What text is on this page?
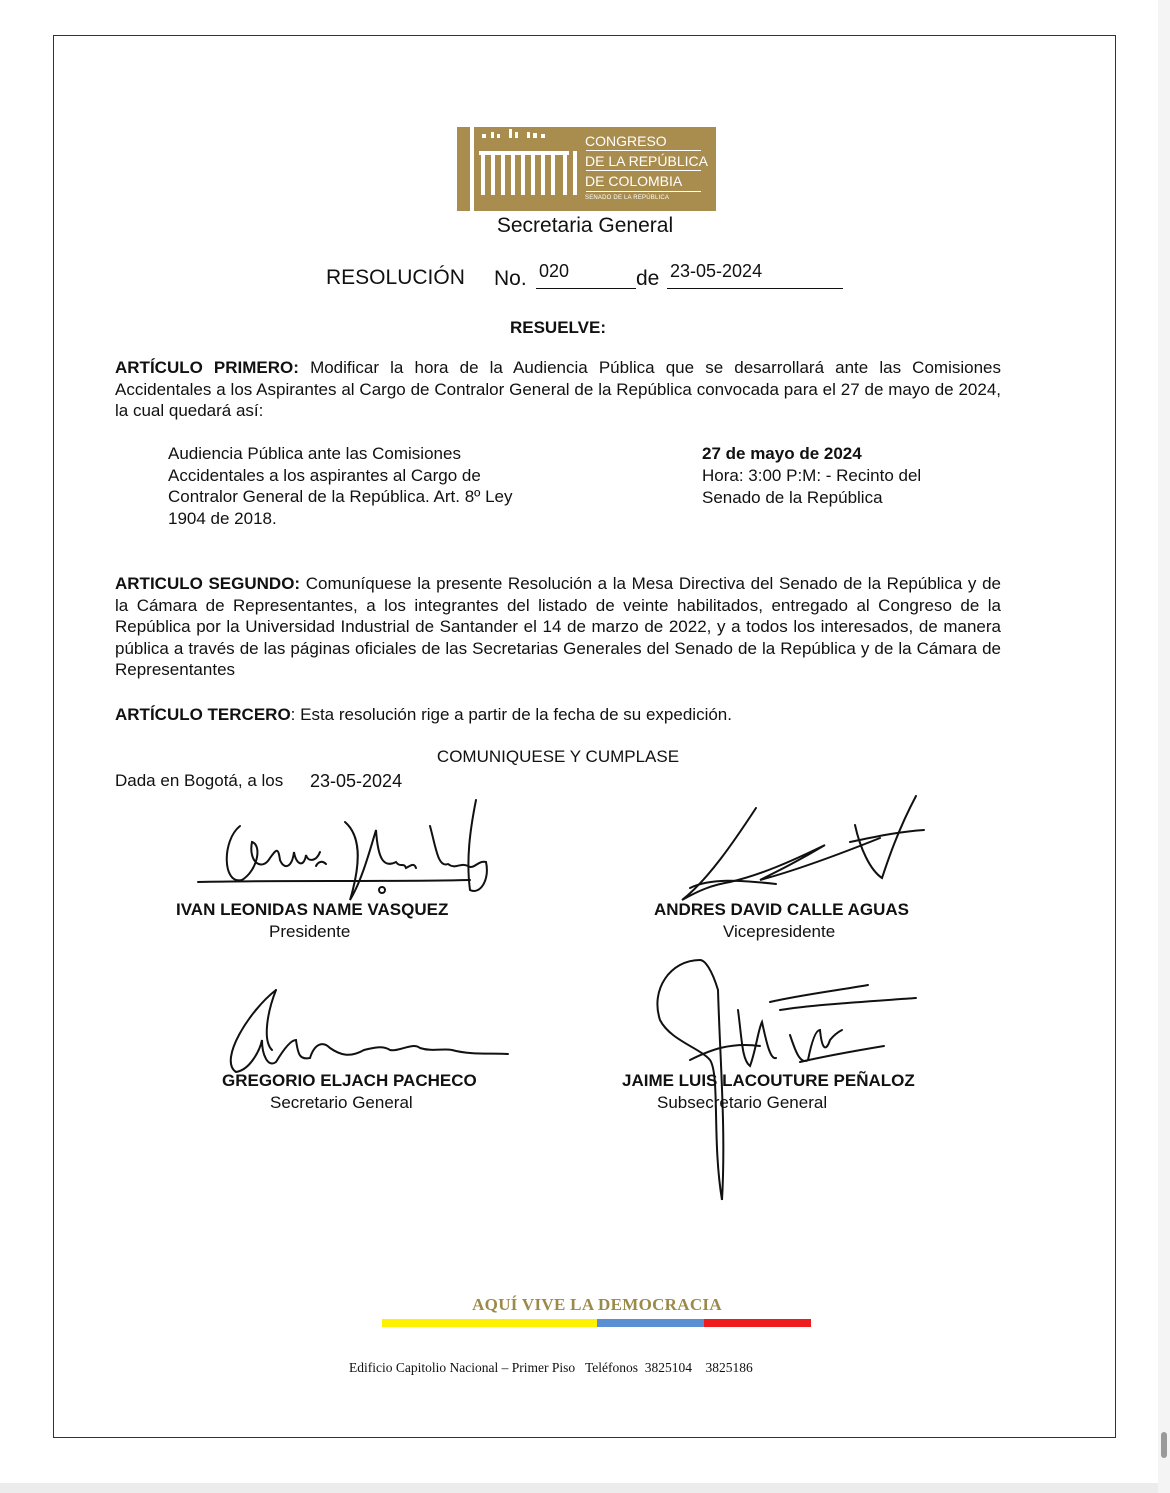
CONGRESO
DE LA REPÚBLICA
DE COLOMBIA
SENADO DE LA REPÚBLICA
Secretaria General
RESOLUCIÓN No. 020	de 23-05-2024
RESUELVE:
ARTÍCULO PRIMERO: Modificar la hora de la Audiencia Pública que se desarrollará ante las Comisiones Accidentales a los Aspirantes al Cargo de Contralor General de la República convocada para el 27 de mayo de 2024, la cual quedará así:
Audiencia Pública ante las Comisiones Accidentales a los aspirantes al Cargo de Contralor General de la República. Art. 8º Ley 1904 de 2018.
27 de mayo de 2024
Hora: 3:00 P:M: - Recinto del Senado de la República
ARTICULO SEGUNDO: Comuníquese la presente Resolución a la Mesa Directiva del Senado de la República y de la Cámara de Representantes, a los integrantes del listado de veinte habilitados, entregado al Congreso de la República por la Universidad Industrial de Santander el 14 de marzo de 2022, y a todos los interesados, de manera pública a través de las páginas oficiales de las Secretarias Generales del Senado de la República y de la Cámara de Representantes
ARTÍCULO TERCERO: Esta resolución rige a partir de la fecha de su expedición.
COMUNIQUESE Y CUMPLASE
Dada en Bogotá, a los 23-05-2024
IVAN LEONIDAS NAME VASQUEZ
Presidente
ANDRES DAVID CALLE AGUAS
Vicepresidente
GREGORIO ELJACH PACHECO
Secretario General
JAIME LUIS LACOUTURE PEÑALOZ
Subsecretario General
AQUÍ VIVE LA DEMOCRACIA
Edificio Capitolio Nacional – Primer Piso   Teléfonos  3825104    3825186
